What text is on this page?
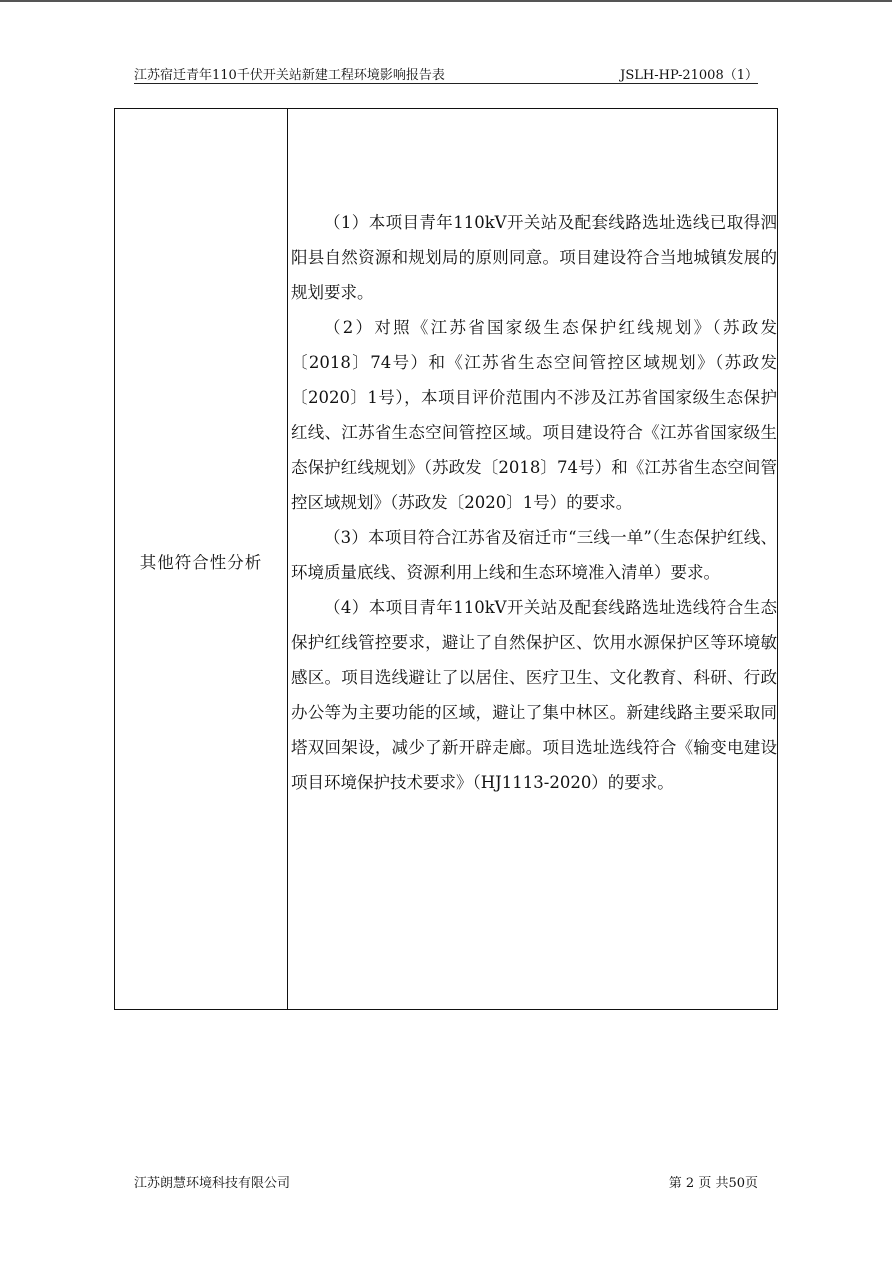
江苏宿迁青年110千伏开关站新建工程环境影响报告表	JSLH-HP-21008（1）
其他符合性分析

（1）本项目青年110kV开关站及配套线路选址选线已取得泗阳县自然资源和规划局的原则同意。项目建设符合当地城镇发展的规划要求。

（2）对照《江苏省国家级生态保护红线规划》（苏政发〔2018〕74号）和《江苏省生态空间管控区域规划》（苏政发〔2020〕1号），本项目评价范围内不涉及江苏省国家级生态保护红线、江苏省生态空间管控区域。项目建设符合《江苏省国家级生态保护红线规划》（苏政发〔2018〕74号）和《江苏省生态空间管控区域规划》（苏政发〔2020〕1号）的要求。

（3）本项目符合江苏省及宿迁市“三线一单”（生态保护红线、环境质量底线、资源利用上线和生态环境准入清单）要求。

（4）本项目青年110kV开关站及配套线路选址选线符合生态保护红线管控要求，避让了自然保护区、饮用水源保护区等环境敏感区。项目选线避让了以居住、医疗卫生、文化教育、科研、行政办公等为主要功能的区域，避让了集中林区。新建线路主要采取同塔双回架设，减少了新开辟走廊。项目选址选线符合《输变电建设项目环境保护技术要求》（HJ1113-2020）的要求。

江苏朗慧环境科技有限公司	第 2 页 共50页
